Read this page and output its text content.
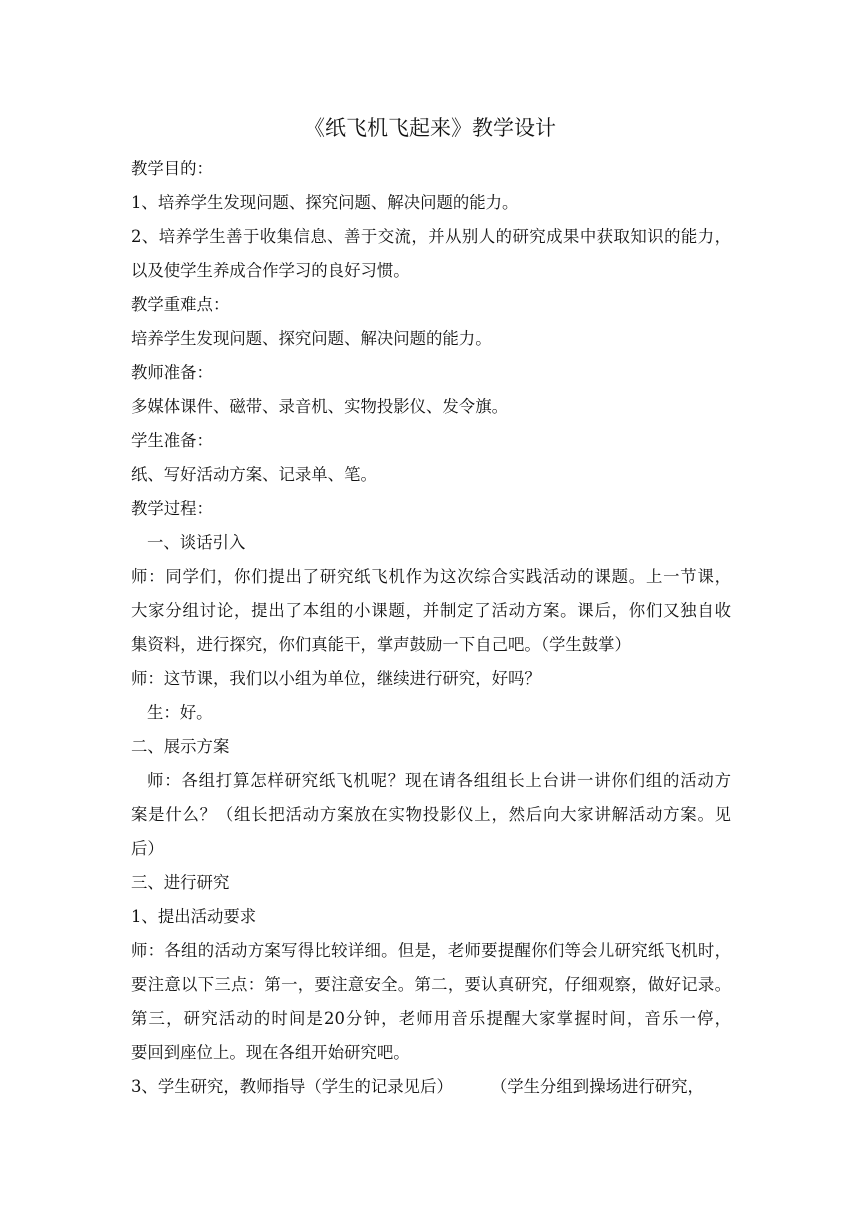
《纸飞机飞起来》教学设计
教学目的：
1、培养学生发现问题、探究问题、解决问题的能力。
2、培养学生善于收集信息、善于交流，并从别人的研究成果中获取知识的能力，
以及使学生养成合作学习的良好习惯。
教学重难点：
培养学生发现问题、探究问题、解决问题的能力。
教师准备：
多媒体课件、磁带、录音机、实物投影仪、发令旗。
学生准备：
纸、写好活动方案、记录单、笔。
教学过程：
一、谈话引入
师：同学们，你们提出了研究纸飞机作为这次综合实践活动的课题。上一节课，
大家分组讨论，提出了本组的小课题，并制定了活动方案。课后，你们又独自收
集资料，进行探究，你们真能干，掌声鼓励一下自己吧。（学生鼓掌）
师：这节课，我们以小组为单位，继续进行研究，好吗？
生：好。
二、展示方案
师：各组打算怎样研究纸飞机呢？现在请各组组长上台讲一讲你们组的活动方
案是什么？（组长把活动方案放在实物投影仪上，然后向大家讲解活动方案。见
后）
三、进行研究
1、提出活动要求
师：各组的活动方案写得比较详细。但是，老师要提醒你们等会儿研究纸飞机时，
要注意以下三点：第一，要注意安全。第二，要认真研究，仔细观察，做好记录。
第三，研究活动的时间是20分钟，老师用音乐提醒大家掌握时间，音乐一停，
要回到座位上。现在各组开始研究吧。
3、学生研究，教师指导（学生的记录见后） （学生分组到操场进行研究，
